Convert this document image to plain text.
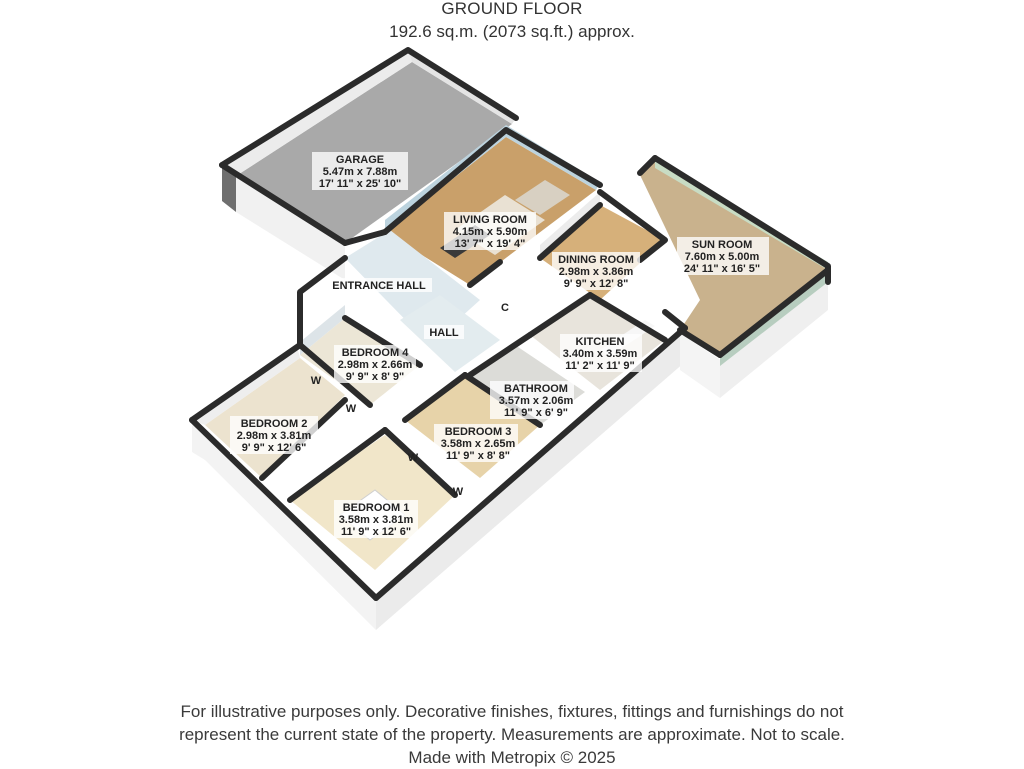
GROUND FLOOR
192.6 sq.m. (2073 sq.ft.) approx.
GARAGE
5.47m x 7.88m
17' 11" x 25' 10"
LIVING ROOM
4.15m x 5.90m
13' 7" x 19' 4"	SUN ROOM
7.60m x 5.00m
24' 11" x 16' 5"
DINING ROOM
2.98m x 3.86m
9' 9" x 12' 8"
KITCHEN
3.40m x 3.59m
11' 2" x 11' 9"
BEDROOM 4
2.98m x 2.66m
9' 9" x 8' 9"
BATHROOM
3.57m x 2.06m
11' 9" x 6' 9"
BEDROOM 2
2.98m x 3.81m
9' 9" x 12' 6"
BEDROOM 3
3.58m x 2.65m
11' 9" x 8' 8"
BEDROOM 1
3.58m x 3.81m
11' 9" x 12' 6"
ENTRANCE HALL
HALL
C
W
W
W
W
For illustrative purposes only. Decorative finishes, fixtures, fittings and furnishings do not
represent the current state of the property. Measurements are approximate. Not to scale.
Made with Metropix © 2025
